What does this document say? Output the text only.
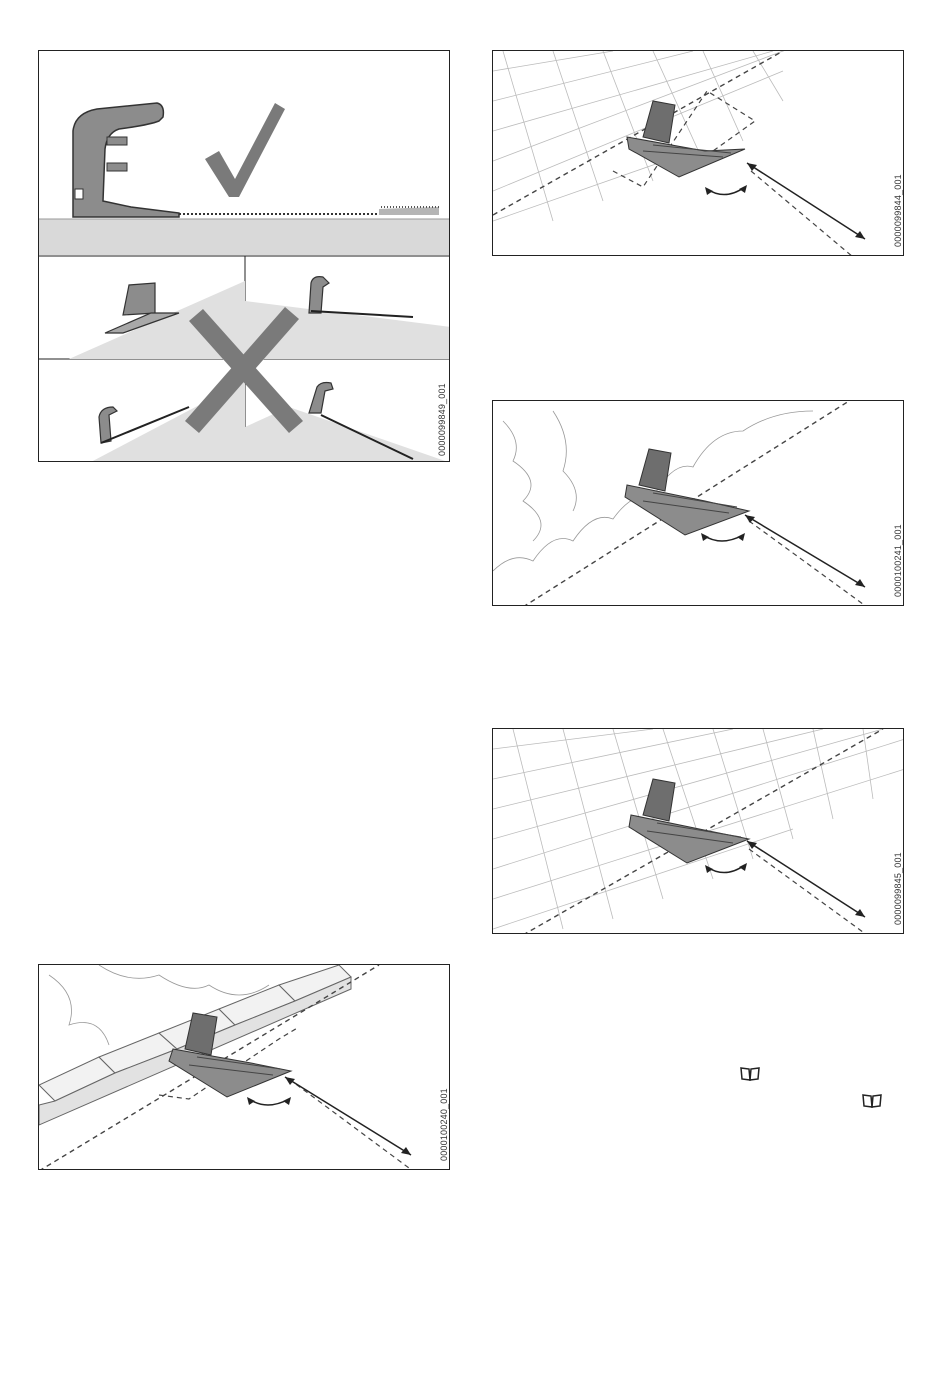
0000099849_001
0000099844_001
0000100241_001
0000099845_001
0000100240_001
